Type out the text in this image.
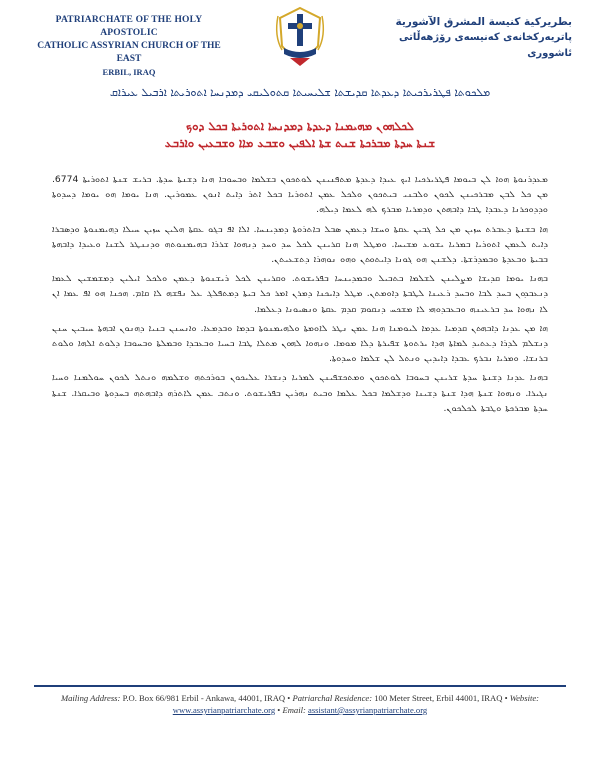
PATRIARCHATE OF THE HOLY APOSTOLIC
CATHOLIC ASSYRIAN CHURCH OF THE EAST
ERBIL, IRAQ
بطريركية كنيسة المشرق الآشورية
پاتريەرکخانەی کەنیسەی رۆژهەڵاتی ئاشووری
ܡܠܟܘܬܐ ܦܛܪܝܪܟܝܬܐ ܕܥܕܬܐ ܩܕܝܫܬܐ ܫܠܝܚܝܬܐ ܩܬܘܠܝܩܝ ܕܡܕܢܚܐ ܐܬܘܪܝܬܐ ܐܪܒܝܠ ܥܝܪܐܩ
ܠܟܠܗܘܢ ܡܗܝܡܢܐ ܕܥܕܬܐ ܕܡܕܢܚܐ ܐܬܘܪܝܬܐ ܒܟܠ ܕܘܟ
ܫܢܬܐ ܚܕܬܐ ܡܒܪܟܬܐ ܫܢܬ ܫܬܐ ܐܠܦܝܢ ܘܫܒܥ ܡܐܐ ܘܫܒܥܝܢ ܘܐܪܒܥ

ܡܥܕܪܢܘܬܐ ܗܘܐ ܠܢ ܒܝܘܡܐ ܦܛܪܝܪܟܝܐ ܐܝܟ ܥܝܕܐ ܕܥܕܬܐ ܡܬܦܢܝܢܢ ܠܘܬܟܘܢ ܒܫܠܡܐ ܘܒܚܘܒܐ ܗܢܐ ܕܫܢܬܐ ܚܕܬܐ. ܒܪܝܫ ܫܢܬܐ ܐܬܘܪܝܬܐ 6774. ܡܢ ܟܠ ܠܒܢ ܡܒܪܟܝܢܢ ܠܟܘܢ ܘܠܒܢܝ ܒܝܬܟܘܢ ܘܠܟܠ ܥܡܢ ܐܬܘܪܝܐ ܒܟܠ ܐܬܪ ܕܐܝܬ ܐܢܘܢ ܥܡܘܪܝܢ. ܗܢܐ ܝܘܡܐ ܗܘ ܝܘܡܐ ܕܚܕܘܬܐ ܘܕܕܘܟܪܢܐ ܕܥܒܕܐ ܛܒܐ ܕܐܒܗܬܢ ܘܕܡܪܝܐ ܡܒܪܟ ܠܗ ܠܥܡܐ ܕܝܠܗ.

ܗܐ ܒܫܢܬܐ ܕܥܒܪܬ ܚܙܝܢ ܡܢ ܟܠ ܓܒܝܢ ܥܩܬܐ ܘܚܫܐ ܕܥܡܢ ܣܒܠ ܒܐܬܪܘܬܐ ܕܡܕܝܢܚܐ. ܐܠܐ ܐܦ ܒܓܘ ܥܩܬܐ ܗܠܝܢ ܚܙܝܢ ܚܝܠܐ ܕܗܝܡܢܘܬܐ ܘܕܣܒܪܐ ܕܐܝܬ ܠܥܡܢ ܐܬܘܪܝܐ ܒܡܪܝܐ ܝܫܘܥ ܡܫܝܚܐ. ܘܡܛܠ ܗܢܐ ܩܪܝܢܢ ܠܟܠ ܚܕ ܘܚܕ ܕܢܗܘܐ ܫܪܪܐ ܒܗܝܡܢܘܬܗ ܘܕܢܢܛܪ ܠܫܢܐ ܘܥܝܕܐ ܕܐܒܗܬܐ ܒܒܝܬܐ ܘܒܥܕܬܐ ܘܒܡܕܪܫܬܐ. ܕܠܫܢܢ ܗܘ ܓܘܢܐ ܕܐܝܬܘܬܢ ܘܗܘ ܢܘܗܪܐ ܕܬܫܥܝܬܢ.

ܒܗܢܐ ܝܘܡܐ ܩܕܝܫܐ ܡܨܠܝܢܢ ܠܫܠܡܐ ܒܬܒܝܠ ܘܒܡܕܝܢܚܐ ܒܦܪܝܫܘܬ. ܘܩܪܝܢܢ ܠܟܠ ܪܝܫܢܘܬܐ ܕܥܡܢ ܘܠܟܠ ܐܝܠܝܢ ܕܡܫܡܫܝܢ ܠܥܡܐ ܕܢܥܒܕܘܢ ܒܚܕ ܠܒܐ ܘܒܚܕ ܪܥܝܢܐ ܠܛܒܬܐ ܕܐܘܡܬܢ. ܡܛܠ ܕܐܝܟܢܐ ܕܡܪܢ ܐܡܪ ܟܠ ܒܝܬܐ ܕܡܬܦܠܓ ܥܠ ܢܦܫܗ ܠܐ ܩܐܡ. ܗܟܢܐ ܗܘ ܐܦ ܥܡܐ ܐܢ ܠܐ ܢܗܘܐ ܚܕ ܒܪܥܝܢܗ ܘܒܥܒܕܘܗܝ ܠܐ ܡܫܟܚ ܕܢܩܘܡ ܩܕܡ ܥܩܬܐ ܘܢܣܝܘܢܐ ܕܥܠܡܐ.

ܗܐ ܡܢ ܥܕܢܐ ܕܐܒܗܬܢ ܩܕܡܝܐ ܥܕܡܐ ܠܝܘܡܢܐ ܗܢܐ ܥܡܢ ܢܛܪ ܠܐܘܡܬܐ ܘܠܗܝܡܢܘܬܐ ܒܕܡܐ ܘܒܕܡܥܐ. ܘܐܢܚܢܢ ܒܢܝܐ ܕܗܢܘܢ ܐܒܗܬܐ ܚܝܒܝܢ ܚܢܢ ܕܢܫܠܡ ܠܕܪܐ ܕܥܬܝܕ ܠܡܐܬܐ ܗܕܐ ܝܪܬܘܬܐ ܫܦܝܪܬܐ ܕܠܐ ܡܘܡܐ. ܘܢܗܘܐ ܠܗܘܢ ܡܬܠܐ ܛܒܐ ܒܚܝܐ ܘܒܥܒܕܐ ܘܒܡܠܬܐ ܘܒܚܘܒܐ ܕܠܘܬ ܐܠܗܐ ܘܠܘܬ ܒܪܢܫܐ. ܘܡܪܝܐ ܢܒܪܟ ܥܒܕܐ ܕܐܝܕܝܢ ܘܢܬܠ ܠܢ ܫܠܡܐ ܘܚܕܘܬܐ.

ܒܗܢܐ ܥܕܢܐ ܕܫܢܬܐ ܚܕܬܐ ܫܪܝܢܢ ܒܚܘܒܐ ܠܘܬܟܘܢ ܘܡܬܟܫܦܝܢܢ ܠܡܪܝܐ ܕܢܫܪܐ ܥܠܝܟܘܢ ܒܘܪܟܬܗ ܘܫܠܡܗ ܘܢܬܠ ܠܟܘܢ ܚܘܠܡܢܐ ܘܚܝܐ ܢܓܝܪܐ. ܘܢܗܘܐ ܫܢܬܐ ܗܕܐ ܫܢܬܐ ܕܫܝܢܐ ܘܕܫܠܡܐ ܒܟܠ ܥܠܡܐ ܘܒܝܬ ܢܗܪܝܢ ܒܦܪܝܫܘܬ. ܘܢܬܒ ܥܡܢ ܠܐܬܪܗ ܕܐܒܗܬܗ ܒܚܕܘܬܐ ܘܒܝܩܪܐ. ܫܢܬܐ ܚܕܬܐ ܡܒܪܟܬܐ ܘܛܒܬܐ ܠܟܠܟܘܢ.

Mailing Address: P.O. Box 66/981 Erbil - Ankawa, 44001, IRAQ • Patriarchal Residence: 100 Meter Street, Erbil 44001, IRAQ • Website:
www.assyrianpatriarchate.org • Email: assistant@assyrianpatriarchate.org
